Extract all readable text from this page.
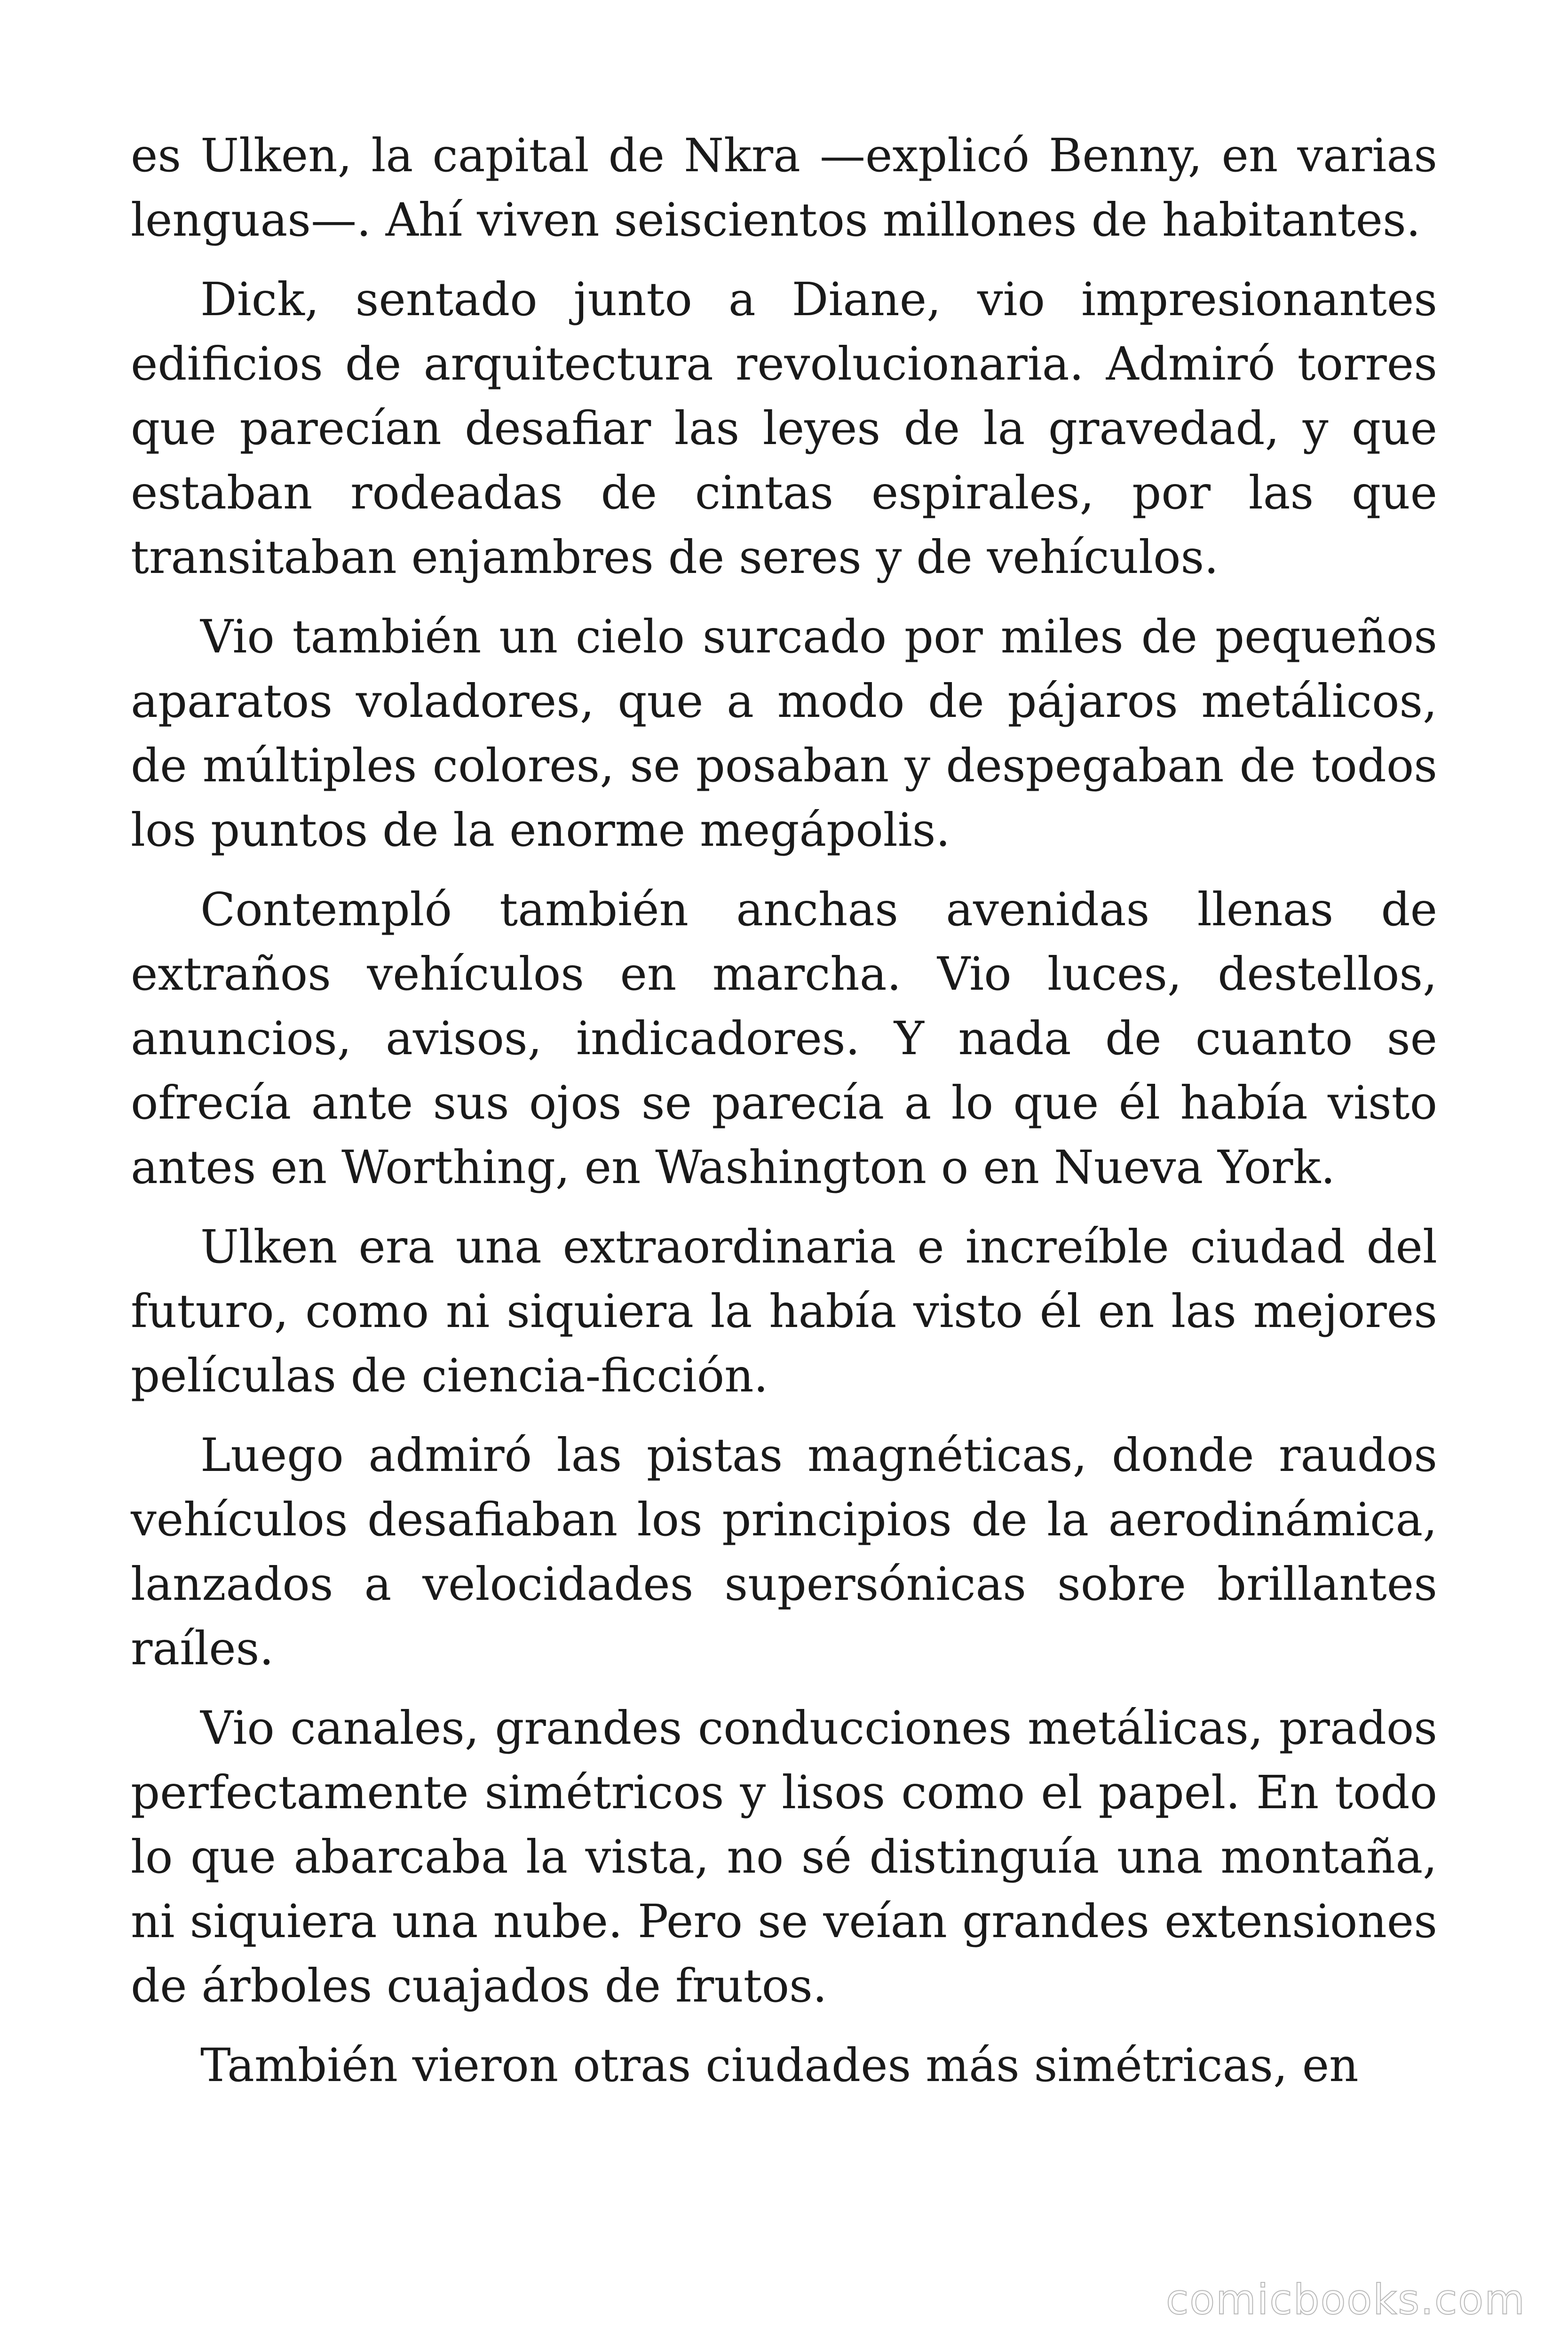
es Ulken, la capital de Nkra —explicó Benny, en varias lenguas—. Ahí viven seiscientos millones de habitantes.

Dick, sentado junto a Diane, vio impresionantes edificios de arquitectura revolucionaria. Admiró torres que parecían desafiar las leyes de la gravedad, y que estaban rodeadas de cintas espirales, por las que transitaban enjambres de seres y de vehículos.

Vio también un cielo surcado por miles de pequeños aparatos voladores, que a modo de pájaros metálicos, de múltiples colores, se posaban y despegaban de todos los puntos de la enorme megápolis.

Contempló también anchas avenidas llenas de extraños vehículos en marcha. Vio luces, destellos, anuncios, avisos, indicadores. Y nada de cuanto se ofrecía ante sus ojos se parecía a lo que él había visto antes en Worthing, en Washington o en Nueva York.

Ulken era una extraordinaria e increíble ciudad del futuro, como ni siquiera la había visto él en las mejores películas de ciencia-ficción.

Luego admiró las pistas magnéticas, donde raudos vehículos desafiaban los principios de la aerodinámica, lanzados a velocidades supersónicas sobre brillantes raíles.

Vio canales, grandes conducciones metálicas, prados perfectamente simétricos y lisos como el papel. En todo lo que abarcaba la vista, no sé distinguía una montaña, ni siquiera una nube. Pero se veían grandes extensiones de árboles cuajados de frutos.

También vieron otras ciudades más simétricas, en

comicbooks.com
